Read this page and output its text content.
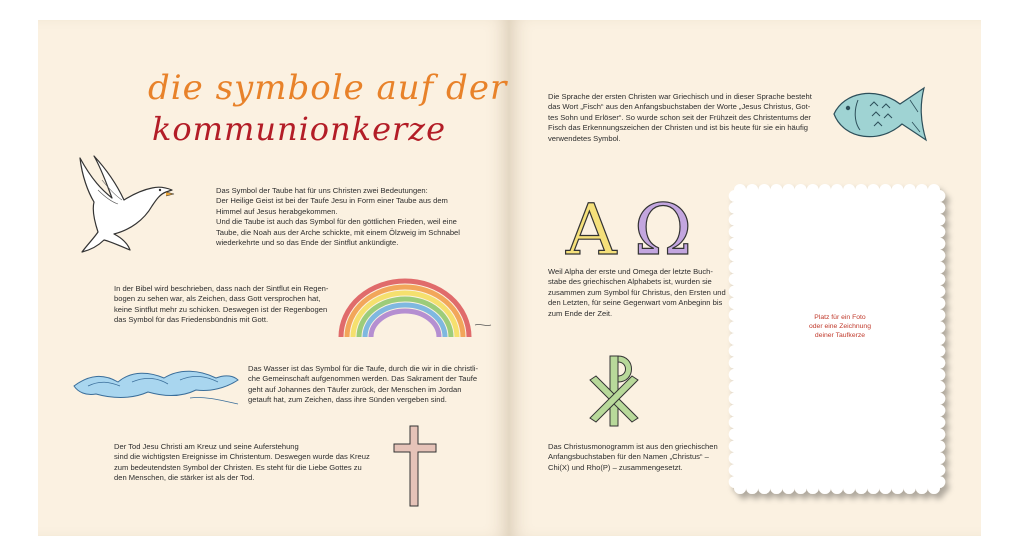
die symbole auf der
kommunionkerze
Das Symbol der Taube hat für uns Christen zwei Bedeutungen:
Der Heilige Geist ist bei der Taufe Jesu in Form einer Taube aus dem
Himmel auf Jesus herabgekommen.
Und die Taube ist auch das Symbol für den göttlichen Frieden, weil eine
Taube, die Noah aus der Arche schickte, mit einem Ölzweig im Schnabel
wiederkehrte und so das Ende der Sintflut ankündigte.
In der Bibel wird beschrieben, dass nach der Sintflut ein Regen-
bogen zu sehen war, als Zeichen, dass Gott versprochen hat,
keine Sintflut mehr zu schicken. Deswegen ist der Regenbogen
das Symbol für das Friedensbündnis mit Gott.
Das Wasser ist das Symbol für die Taufe, durch die wir in die christli-
che Gemeinschaft aufgenommen werden. Das Sakrament der Taufe
geht auf Johannes den Täufer zurück, der Menschen im Jordan
getauft hat, zum Zeichen, dass ihre Sünden vergeben sind.
Der Tod Jesu Christi am Kreuz und seine Auferstehung
sind die wichtigsten Ereignisse im Christentum. Deswegen wurde das Kreuz
zum bedeutendsten Symbol der Christen. Es steht für die Liebe Gottes zu
den Menschen, die stärker ist als der Tod.
Die Sprache der ersten Christen war Griechisch und in dieser Sprache besteht
das Wort „Fisch“ aus den Anfangsbuchstaben der Worte „Jesus Christus, Got-
tes Sohn und Erlöser“. So wurde schon seit der Frühzeit des Christentums der
Fisch das Erkennungszeichen der Christen und ist bis heute für sie ein häufig
verwendetes Symbol.
A Ω
Weil Alpha der erste und Omega der letzte Buch-
stabe des griechischen Alphabets ist, wurden sie
zusammen zum Symbol für Christus, den Ersten und
den Letzten, für seine Gegenwart vom Anbeginn bis
zum Ende der Zeit.
Das Christusmonogramm ist aus den griechischen
Anfangsbuchstaben für den Namen „Christus“ –
Chi(X) und Rho(P) – zusammengesetzt.
Platz für ein Foto
oder eine Zeichnung
deiner Taufkerze
